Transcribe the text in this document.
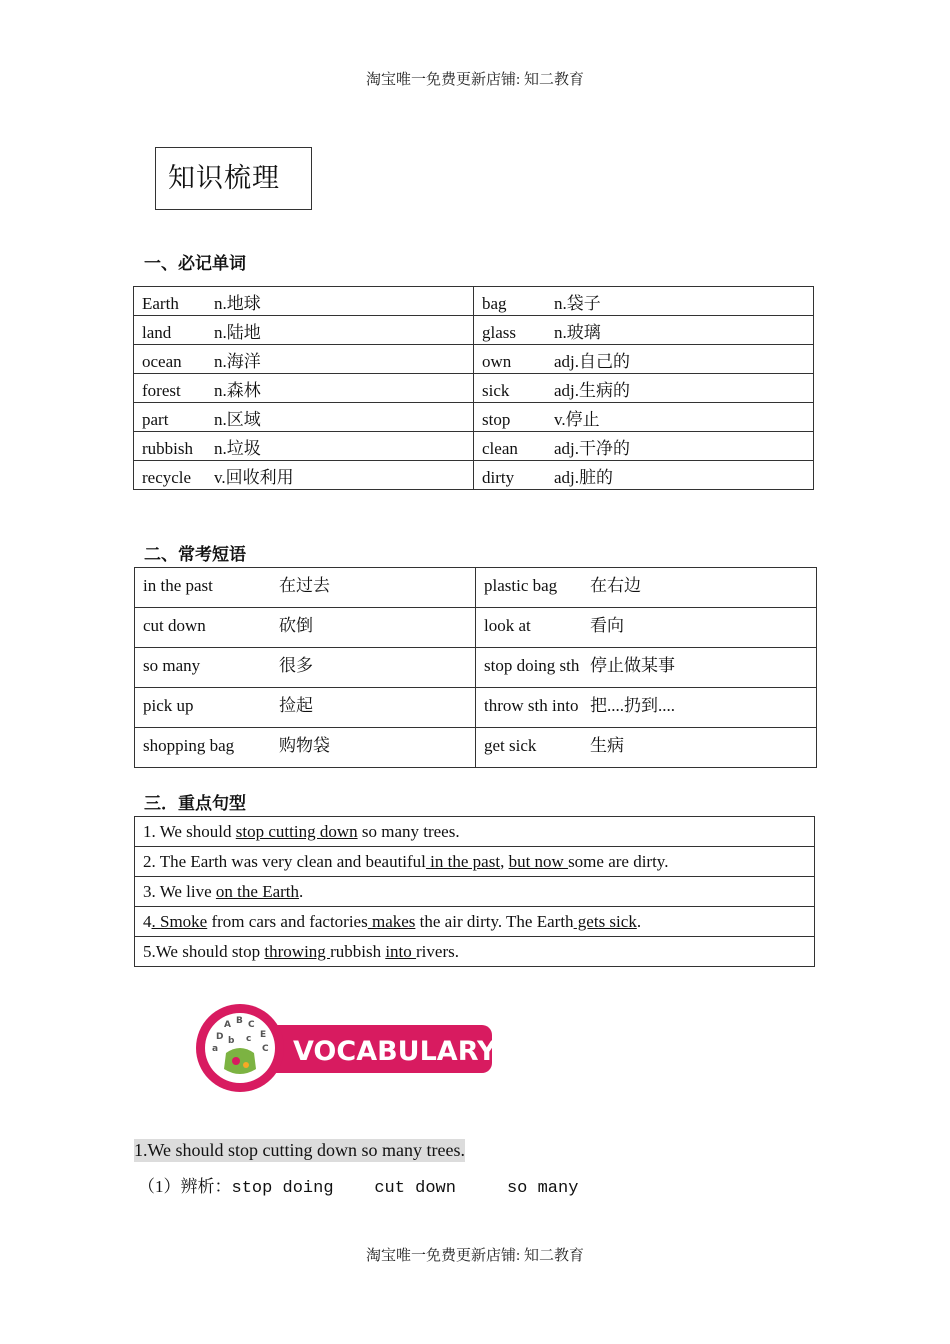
淘宝唯一免费更新店铺: 知二教育
知识梳理
一、必记单词
Earth n.地球	bag n.袋子
land n.陆地	glass n.玻璃
ocean n.海洋	own adj.自己的
forest n.森林	sick adj.生病的
part n.区域	stop v.停止
rubbish n.垃圾	clean adj.干净的
recycle v.回收利用	dirty adj.脏的
二、常考短语
in the past 在过去	plastic bag 在右边
cut down 砍倒	look at 看向
so many 很多	stop doing sth 停止做某事
pick up 捡起	throw sth into 把....扔到....
shopping bag 购物袋	get sick 生病
三．重点句型
1. We should stop cutting down so many trees.
2. The Earth was very clean and beautiful in the past, but now some are dirty.
3. We live on the Earth.
4. Smoke from cars and factories makes the air dirty. The Earth gets sick.
5.We should stop throwing rubbish into rivers.
A B C
D	E
a
b c
C VOCABULARY
1.We should stop cutting down so many trees.
（1）辨析：stop doing cut down	so many
淘宝唯一免费更新店铺: 知二教育
